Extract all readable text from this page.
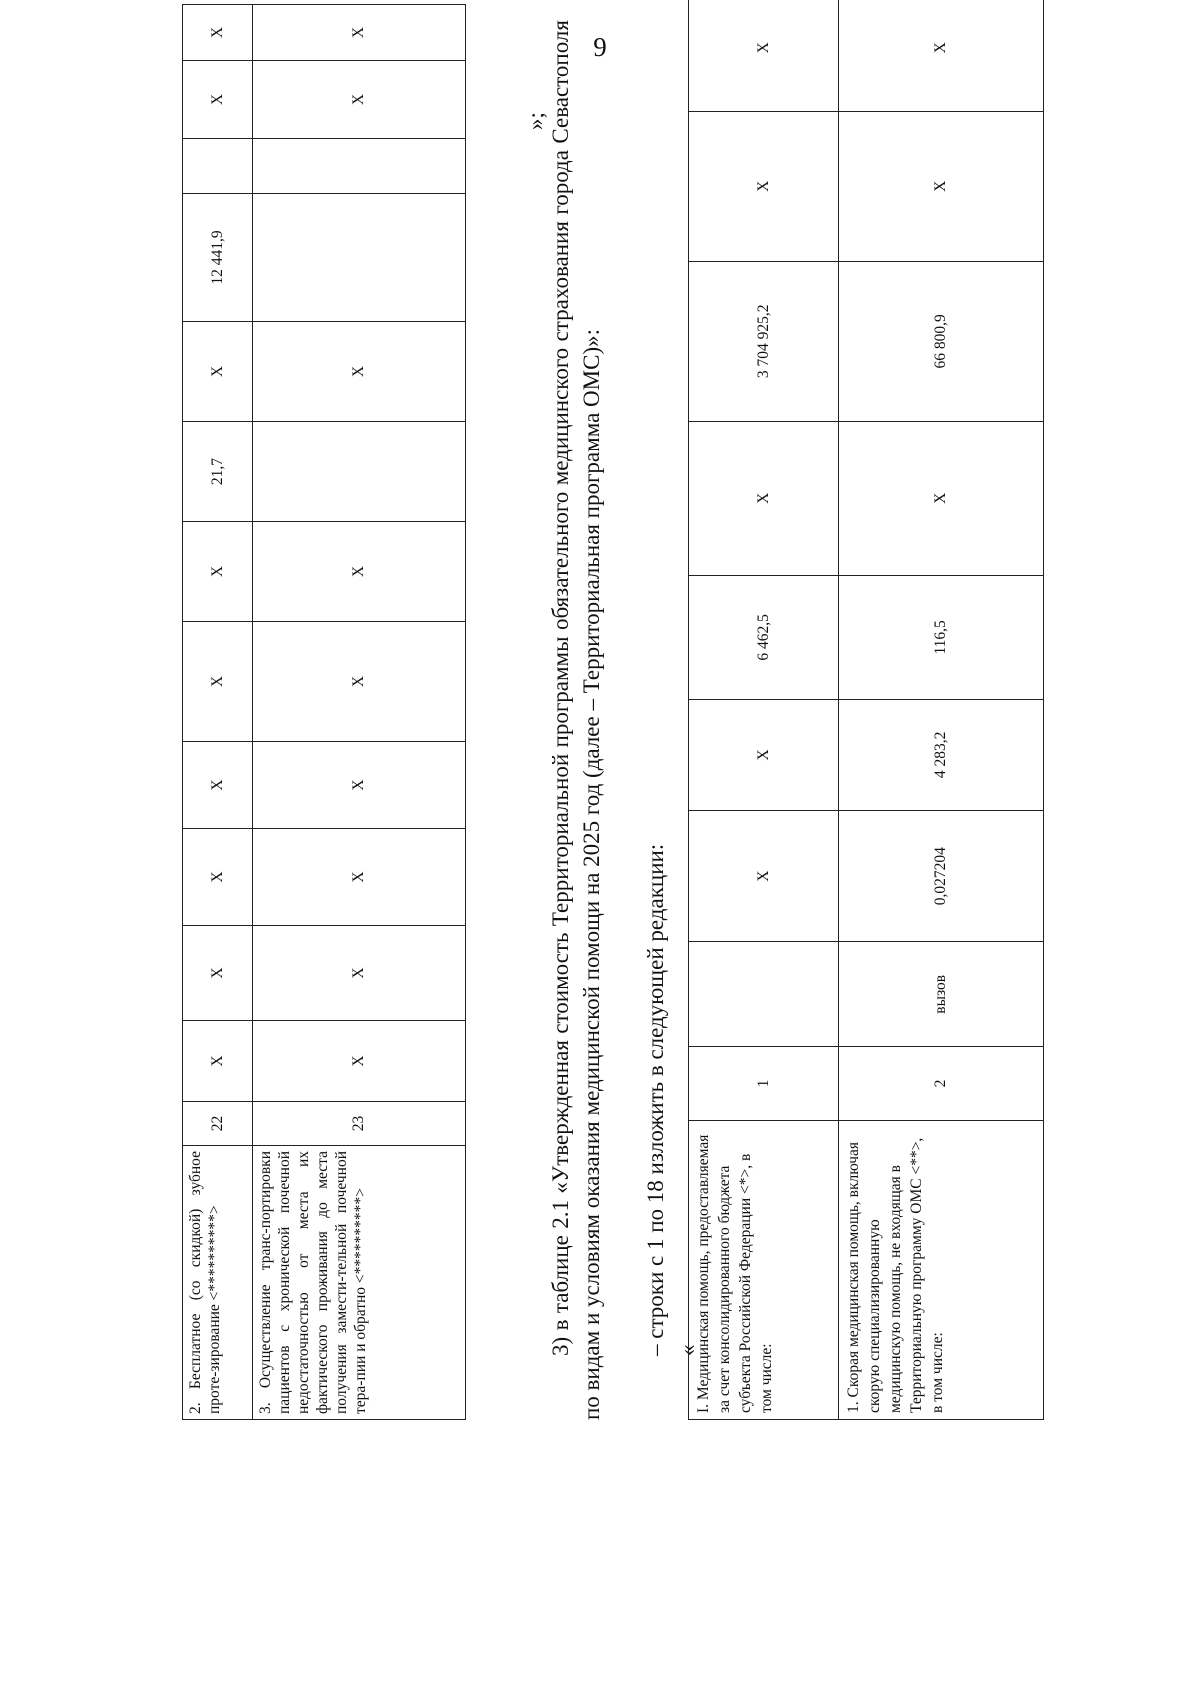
9
2. Бесплатное (со скидкой) зубное проте-зирование <**********>	22	X	X	X	X	X	X	21,7	X	12 441,9		X	X
3. Осуществление транс-портировки пациентов с хронической почечной недостаточностью от места их фактического проживания до места получения замести-тельной почечной тера-пии и обратно <**********>	23	X	X	X	X	X	X		X			X	X
»; 3) в таблице 2.1 «Утвержденная стоимость Территориальной программы обязательного медицинского страхования города Севастополя по видам и условиям оказания медицинской помощи на 2025 год (далее – Территориальная программа ОМС)»: – строки с 1 по 18 изложить в следующей редакции: «
I. Медицинская помощь, предоставляемая за счет консолидированного бюджета субъекта Российской Федерации <*>, в том числе:	1		X	X	6 462,5	X	3 704 925,2	X	X	
1. Скорая медицинская помощь, включая скорую специализированную медицинскую помощь, не входящая в Территориальную программу ОМС <**>, в том числе:	2	вызов	0,027204	4 283,2	116,5	X	66 800,9	X	X	
